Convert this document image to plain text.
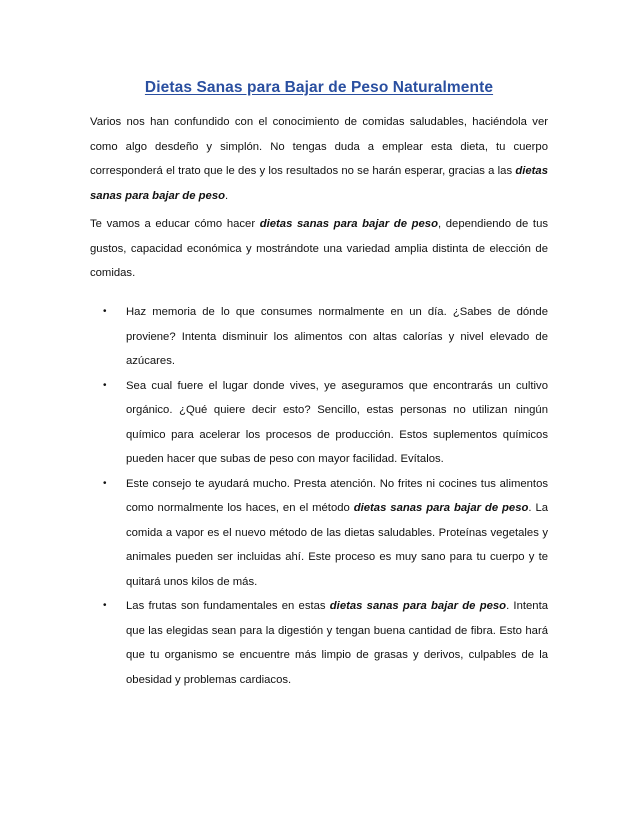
Dietas Sanas para Bajar de Peso Naturalmente

Varios nos han confundido con el conocimiento de comidas saludables, haciéndola ver como algo desdeño y simplón. No tengas duda a emplear esta dieta, tu cuerpo corresponderá el trato que le des y los resultados no se harán esperar, gracias a las dietas sanas para bajar de peso.

Te vamos a educar cómo hacer dietas sanas para bajar de peso, dependiendo de tus gustos, capacidad económica y mostrándote una variedad amplia distinta de elección de comidas.

• Haz memoria de lo que consumes normalmente en un día. ¿Sabes de dónde proviene? Intenta disminuir los alimentos con altas calorías y nivel elevado de azúcares.
• Sea cual fuere el lugar donde vives, ye aseguramos que encontrarás un cultivo orgánico. ¿Qué quiere decir esto? Sencillo, estas personas no utilizan ningún químico para acelerar los procesos de producción. Estos suplementos químicos pueden hacer que subas de peso con mayor facilidad. Evítalos.
• Este consejo te ayudará mucho. Presta atención. No frites ni cocines tus alimentos como normalmente los haces, en el método dietas sanas para bajar de peso. La comida a vapor es el nuevo método de las dietas saludables. Proteínas vegetales y animales pueden ser incluidas ahí. Este proceso es muy sano para tu cuerpo y te quitará unos kilos de más.
• Las frutas son fundamentales en estas dietas sanas para bajar de peso. Intenta que las elegidas sean para la digestión y tengan buena cantidad de fibra. Esto hará que tu organismo se encuentre más limpio de grasas y derivos, culpables de la obesidad y problemas cardiacos.
